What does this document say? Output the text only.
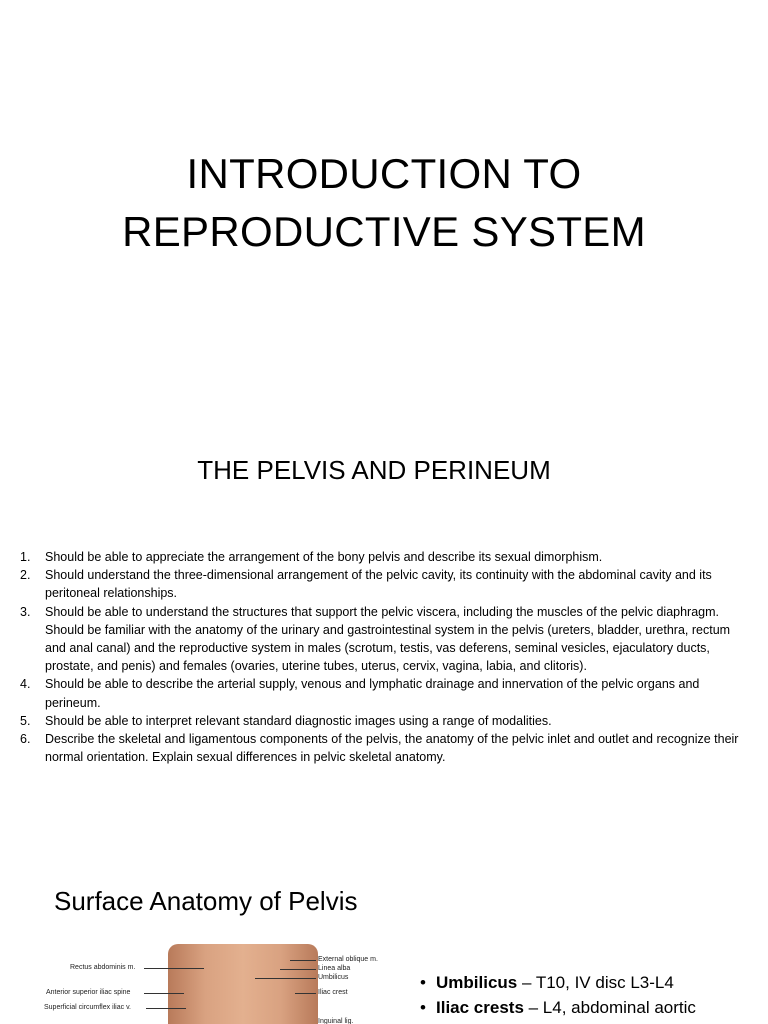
INTRODUCTION TO
REPRODUCTIVE SYSTEM
THE PELVIS AND PERINEUM
1.	Should be able to appreciate the arrangement of the bony pelvis and describe its sexual dimorphism.
2.	Should understand the three-dimensional arrangement of the pelvic cavity, its continuity with the abdominal cavity and its peritoneal relationships.
3.	Should be able to understand the structures that support the pelvic viscera, including the muscles of the pelvic diaphragm. Should be familiar with the anatomy of the urinary and gastrointestinal system in the pelvis (ureters, bladder, urethra, rectum and anal canal) and the reproductive system in males (scrotum, testis, vas deferens, seminal vesicles, ejaculatory ducts, prostate, and penis) and females (ovaries, uterine tubes, uterus, cervix, vagina, labia, and clitoris).
4.	Should be able to describe the arterial supply, venous and lymphatic drainage and innervation of the pelvic organs and perineum.
5.	Should be able to interpret relevant standard diagnostic images using a range of modalities.
6.	Describe the skeletal and ligamentous components of the pelvis, the anatomy of the pelvic inlet and outlet and recognize their normal orientation. Explain sexual differences in pelvic skeletal anatomy.
Surface Anatomy of Pelvis
Rectus abdominis m.
Anterior superior iliac spine
Superficial circumflex iliac v.
External oblique m.
Linea alba
Umbilicus
Iliac crest
Inguinal lig.
• Umbilicus – T10, IV disc L3-L4
• Iliac crests – L4, abdominal aortic
